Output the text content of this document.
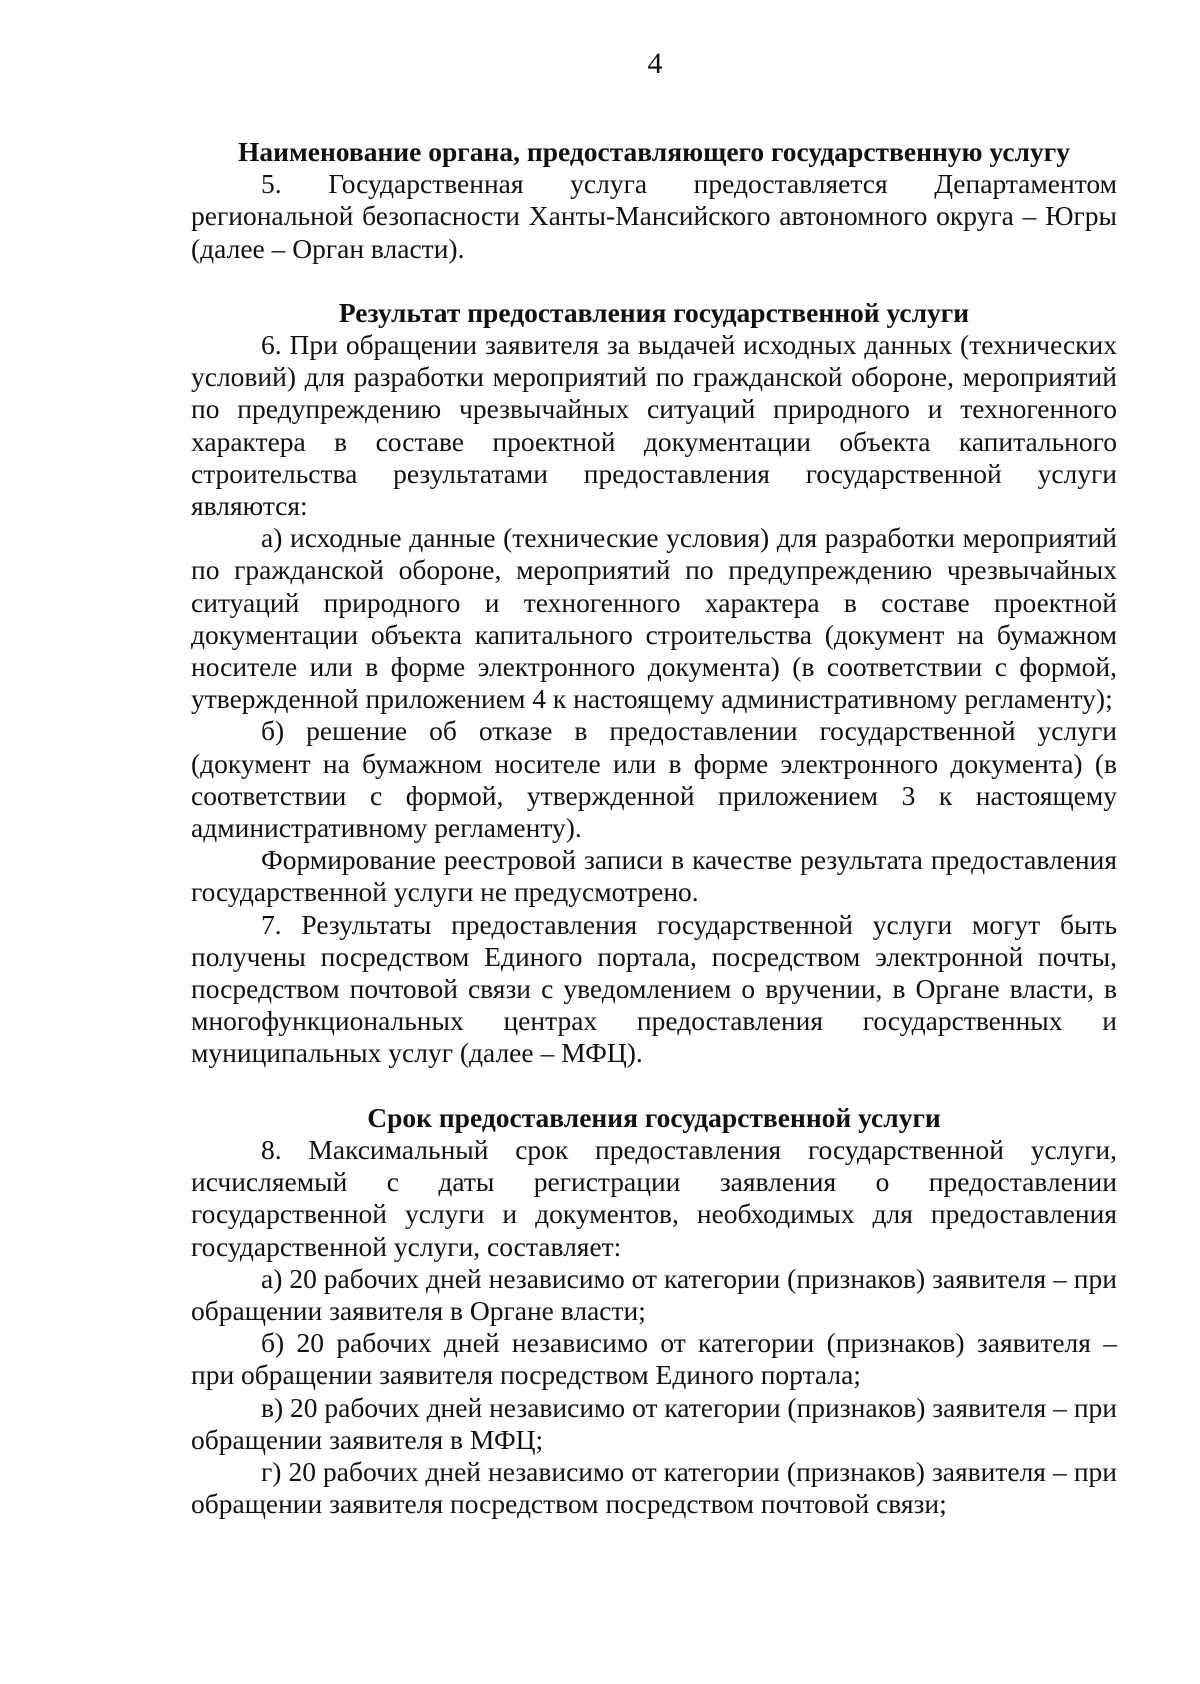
4

Наименование органа, предоставляющего государственную услугу

5. Государственная услуга предоставляется Департаментом региональной безопасности Ханты-Мансийского автономного округа – Югры (далее – Орган власти).

Результат предоставления государственной услуги

6. При обращении заявителя за выдачей исходных данных (технических условий) для разработки мероприятий по гражданской обороне, мероприятий по предупреждению чрезвычайных ситуаций природного и техногенного характера в составе проектной документации объекта капитального строительства результатами предоставления государственной услуги являются:

а) исходные данные (технические условия) для разработки мероприятий по гражданской обороне, мероприятий по предупреждению чрезвычайных ситуаций природного и техногенного характера в составе проектной документации объекта капитального строительства (документ на бумажном носителе или в форме электронного документа) (в соответствии с формой, утвержденной приложением 4 к настоящему административному регламенту);

б) решение об отказе в предоставлении государственной услуги (документ на бумажном носителе или в форме электронного документа) (в соответствии с формой, утвержденной приложением 3 к настоящему административному регламенту).

Формирование реестровой записи в качестве результата предоставления государственной услуги не предусмотрено.

7. Результаты предоставления государственной услуги могут быть получены посредством Единого портала, посредством электронной почты, посредством почтовой связи с уведомлением о вручении, в Органе власти, в многофункциональных центрах предоставления государственных и муниципальных услуг (далее – МФЦ).

Срок предоставления государственной услуги

8. Максимальный срок предоставления государственной услуги, исчисляемый с даты регистрации заявления о предоставлении государственной услуги и документов, необходимых для предоставления государственной услуги, составляет:

а) 20 рабочих дней независимо от категории (признаков) заявителя – при обращении заявителя в Органе власти;

б) 20 рабочих дней независимо от категории (признаков) заявителя – при обращении заявителя посредством Единого портала;

в) 20 рабочих дней независимо от категории (признаков) заявителя – при обращении заявителя в МФЦ;

г) 20 рабочих дней независимо от категории (признаков) заявителя – при обращении заявителя посредством посредством почтовой связи;
